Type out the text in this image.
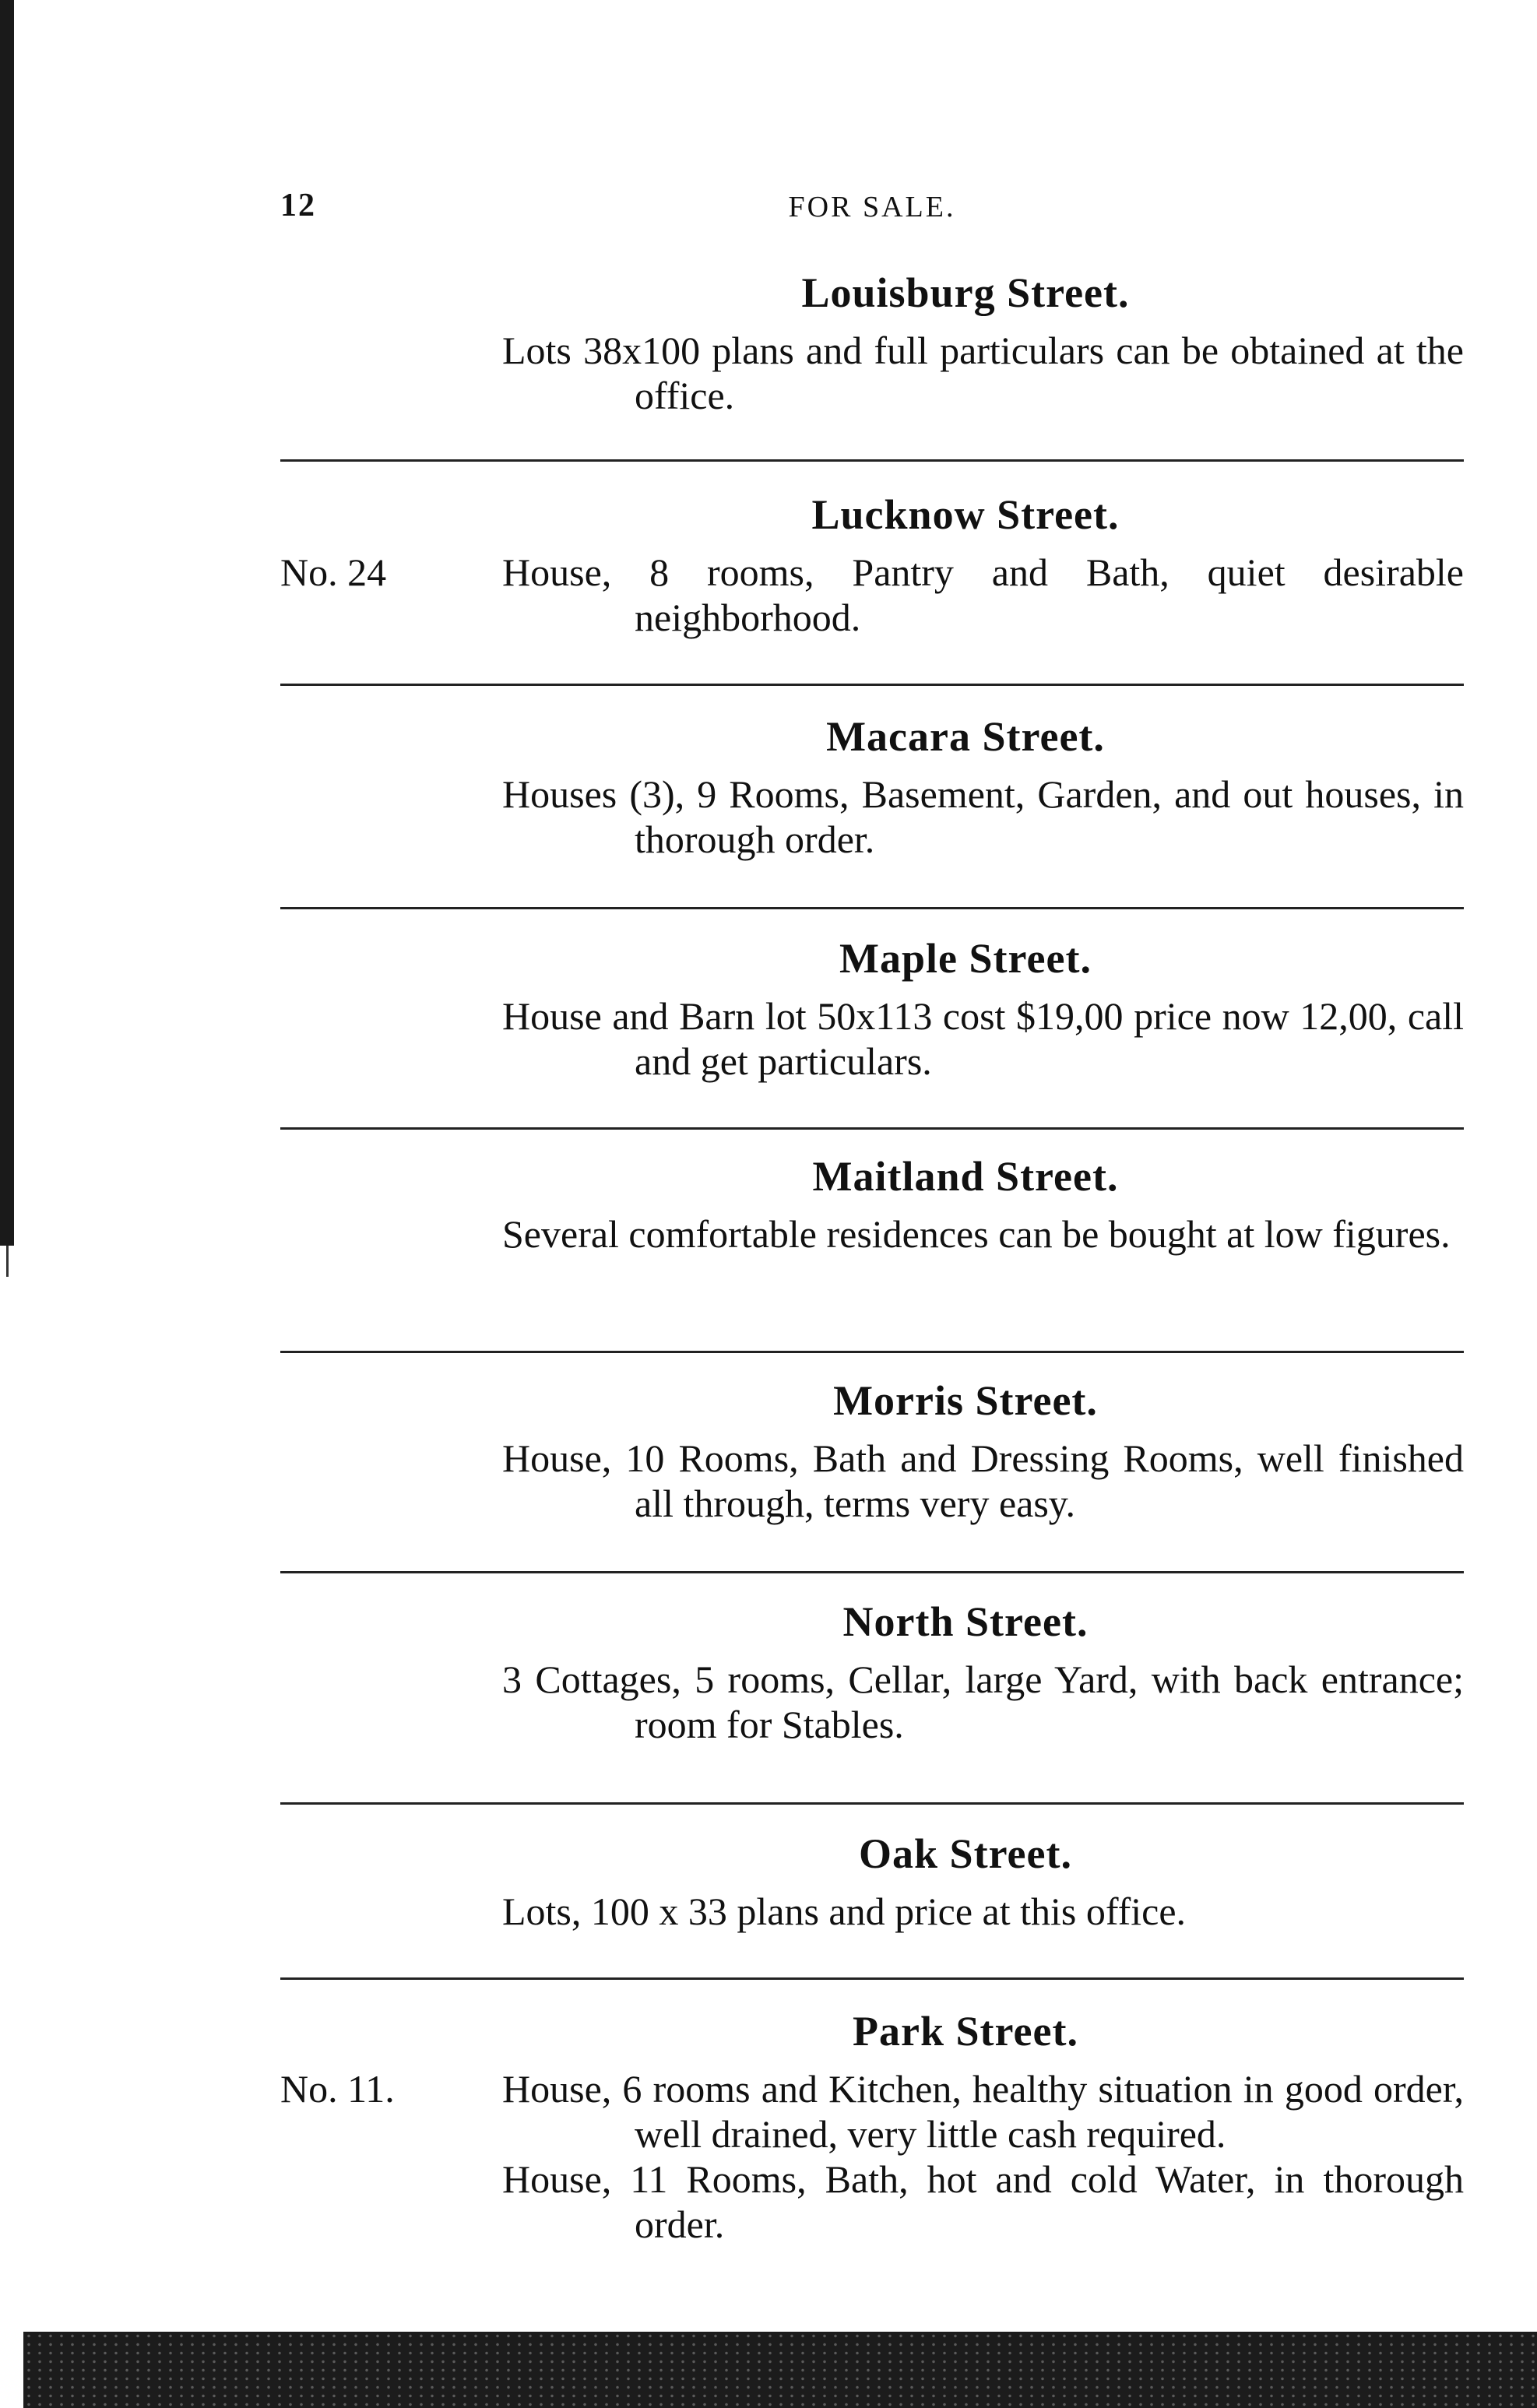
12	FOR SALE.
Louisburg Street.
Lots 38x100 plans and full particulars can be obtained at the office.
Lucknow Street.
No. 24	House, 8 rooms, Pantry and Bath, quiet desirable neighborhood.
Macara Street.
Houses (3), 9 Rooms, Basement, Garden, and out houses, in thorough order.
Maple Street.
House and Barn lot 50x113 cost $19,00 price now 12,00, call and get particulars.
Maitland Street.
Several comfortable residences can be bought at low figures.
Morris Street.
House, 10 Rooms, Bath and Dressing Rooms, well finished all through, terms very easy.
North Street.
3 Cottages, 5 rooms, Cellar, large Yard, with back entrance; room for Stables.
Oak Street.
Lots, 100 x 33 plans and price at this office.
Park Street.
No. 11.	House, 6 rooms and Kitchen, healthy situation in good order, well drained, very little cash required.
House, 11 Rooms, Bath, hot and cold Water, in thorough order.
